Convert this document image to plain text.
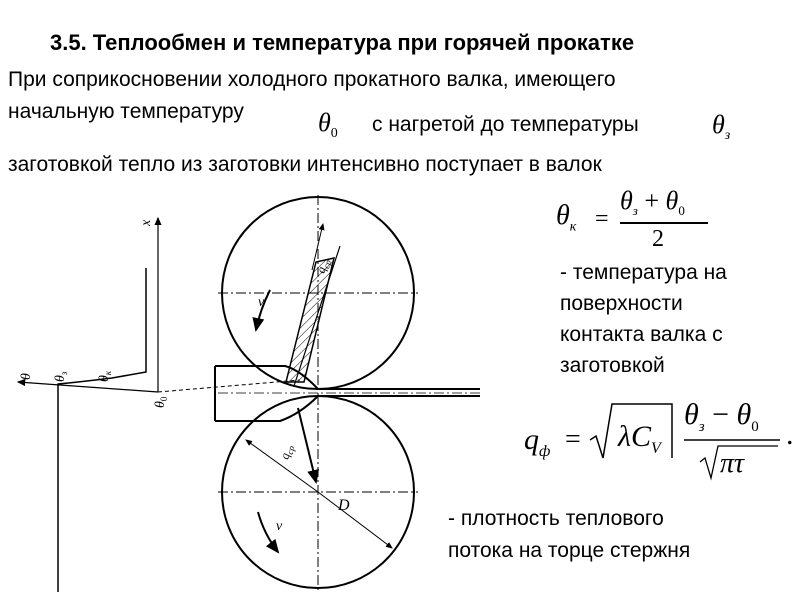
3.5. Теплообмен и температура при горячей прокатке
При соприкосновении холодного прокатного валка, имеющего
начальную температуру	$\theta_0$ с нагретой до температуры	$\theta_з$
заготовкой тепло из заготовки интенсивно поступает в валок
$\theta_к$ =
$\theta_з + \theta_0$
2
- температура на
поверхности
контакта валка с
заготовкой
$q_ф = \lambda C_V$
$\theta_з - \theta_0$
πτ
.
- плотность теплового
потока на торце стержня
$q_{ср}$
v
$q_{ср}$
D
v
x
θ $\theta_з$
$\theta_к$
$\theta_0$
